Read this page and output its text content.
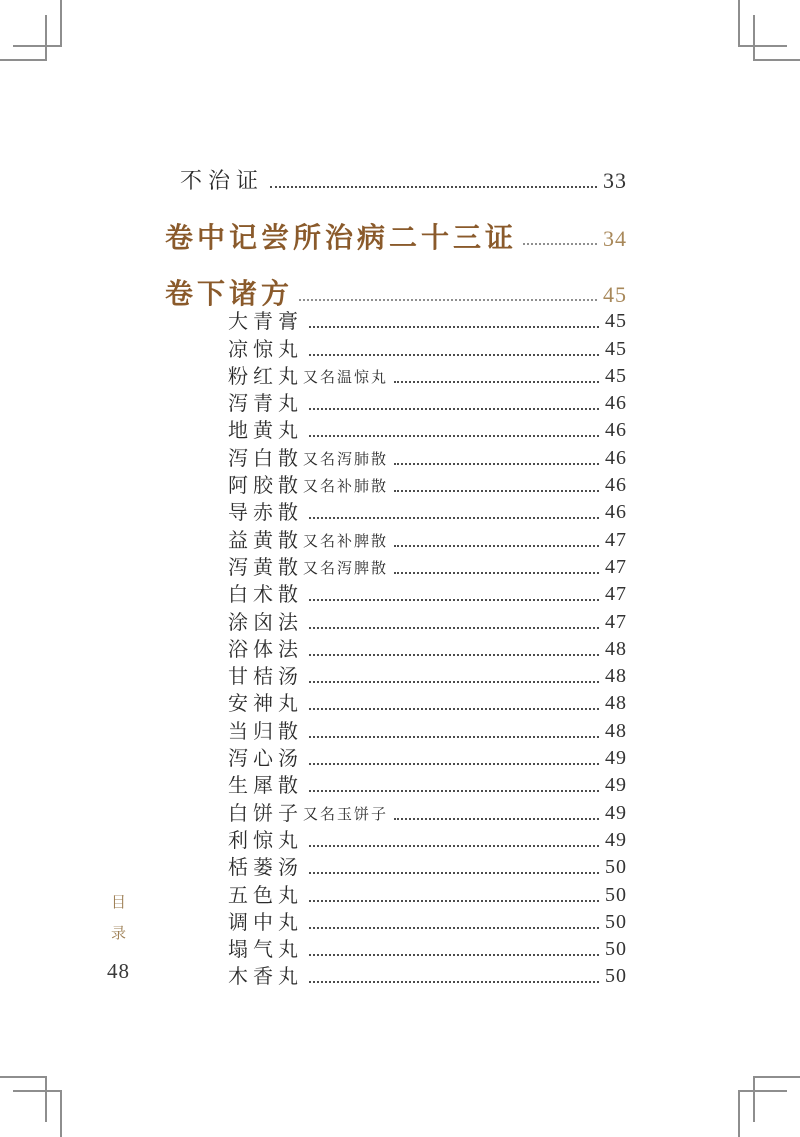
不治证	33
卷中 记尝所治病二十三证	34
卷下 诸方	45
大青膏	45
凉惊丸	45
粉红丸 又名温惊丸	45
泻青丸	46
地黄丸	46
泻白散 又名泻肺散	46
阿胶散 又名补肺散	46
导赤散	46
益黄散 又名补脾散	47
泻黄散 又名泻脾散	47
白术散	47
涂囟法	47
浴体法	48
甘桔汤	48
安神丸	48
当归散	48
泻心汤	49
生犀散	49
白饼子 又名玉饼子	49
利惊丸	49
栝蒌汤	50
五色丸	50
调中丸	50
塌气丸	50
木香丸	50
目录
48
